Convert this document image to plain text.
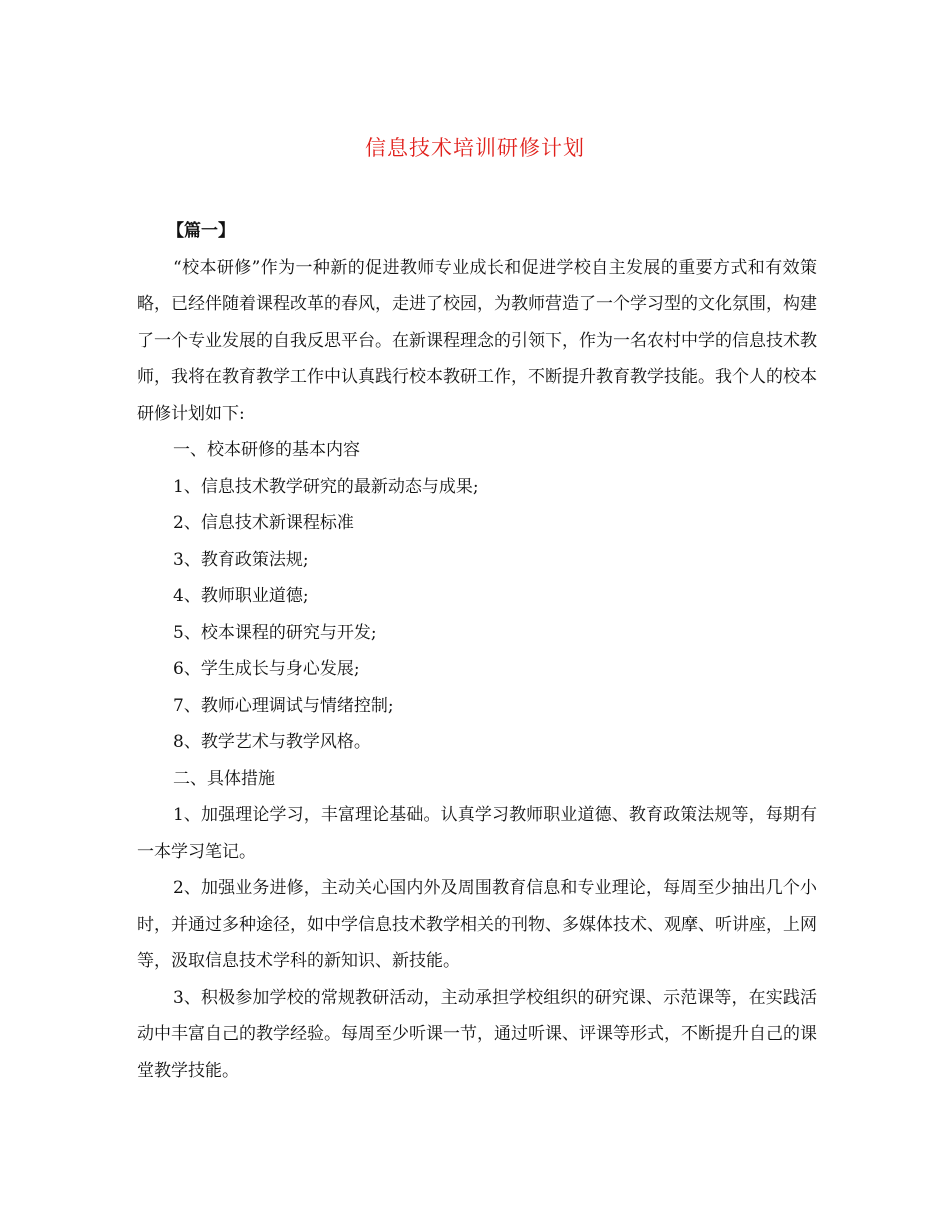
信息技术培训研修计划

【篇一】

“校本研修”作为一种新的促进教师专业成长和促进学校自主发展的重要方式和有效策略，已经伴随着课程改革的春风，走进了校园，为教师营造了一个学习型的文化氛围，构建了一个专业发展的自我反思平台。在新课程理念的引领下，作为一名农村中学的信息技术教师，我将在教育教学工作中认真践行校本教研工作，不断提升教育教学技能。我个人的校本研修计划如下:

一、校本研修的基本内容

1、信息技术教学研究的最新动态与成果;

2、信息技术新课程标准

3、教育政策法规;

4、教师职业道德;

5、校本课程的研究与开发;

6、学生成长与身心发展;

7、教师心理调试与情绪控制;

8、教学艺术与教学风格。

二、具体措施

1、加强理论学习，丰富理论基础。认真学习教师职业道德、教育政策法规等，每期有一本学习笔记。

2、加强业务进修，主动关心国内外及周围教育信息和专业理论，每周至少抽出几个小时，并通过多种途径，如中学信息技术教学相关的刊物、多媒体技术、观摩、听讲座，上网等，汲取信息技术学科的新知识、新技能。

3、积极参加学校的常规教研活动，主动承担学校组织的研究课、示范课等，在实践活动中丰富自己的教学经验。每周至少听课一节，通过听课、评课等形式，不断提升自己的课堂教学技能。
